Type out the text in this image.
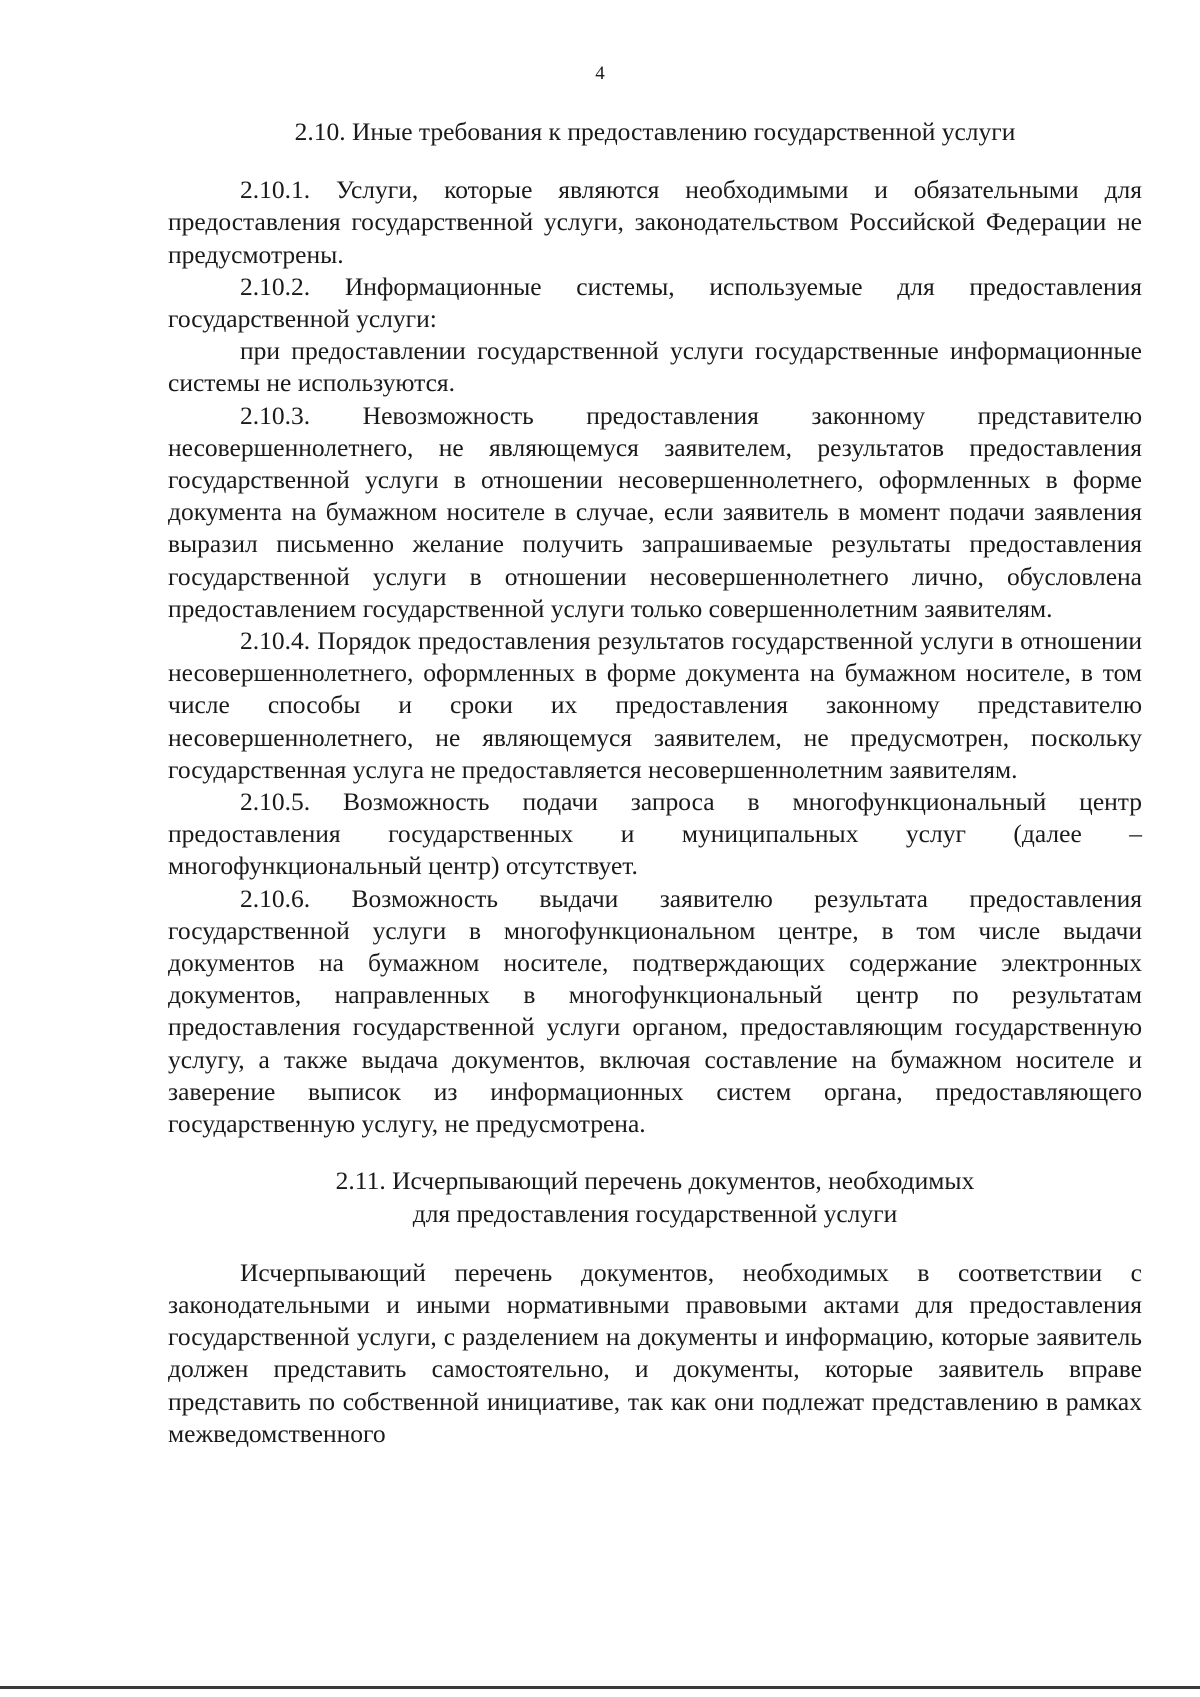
4

2.10. Иные требования к предоставлению государственной услуги

2.10.1. Услуги, которые являются необходимыми и обязательными для предоставления государственной услуги, законодательством Российской Федерации не предусмотрены.

2.10.2. Информационные системы, используемые для предоставления государственной услуги:

при предоставлении государственной услуги государственные информационные системы не используются.

2.10.3. Невозможность предоставления законному представителю несовершеннолетнего, не являющемуся заявителем, результатов предоставления государственной услуги в отношении несовершеннолетнего, оформленных в форме документа на бумажном носителе в случае, если заявитель в момент подачи заявления выразил письменно желание получить запрашиваемые результаты предоставления государственной услуги в отношении несовершеннолетнего лично, обусловлена предоставлением государственной услуги только совершеннолетним заявителям.

2.10.4. Порядок предоставления результатов государственной услуги в отношении несовершеннолетнего, оформленных в форме документа на бумажном носителе, в том числе способы и сроки их предоставления законному представителю несовершеннолетнего, не являющемуся заявителем, не предусмотрен, поскольку государственная услуга не предоставляется несовершеннолетним заявителям.

2.10.5. Возможность подачи запроса в многофункциональный центр предоставления государственных и муниципальных услуг (далее – многофункциональный центр) отсутствует.

2.10.6. Возможность выдачи заявителю результата предоставления государственной услуги в многофункциональном центре, в том числе выдачи документов на бумажном носителе, подтверждающих содержание электронных документов, направленных в многофункциональный центр по результатам предоставления государственной услуги органом, предоставляющим государственную услугу, а также выдача документов, включая составление на бумажном носителе и заверение выписок из информационных систем органа, предоставляющего государственную услугу, не предусмотрена.

2.11. Исчерпывающий перечень документов, необходимых
для предоставления государственной услуги

Исчерпывающий перечень документов, необходимых в соответствии с законодательными и иными нормативными правовыми актами для предоставления государственной услуги, с разделением на документы и информацию, которые заявитель должен представить самостоятельно, и документы, которые заявитель вправе представить по собственной инициативе, так как они подлежат представлению в рамках межведомственного
